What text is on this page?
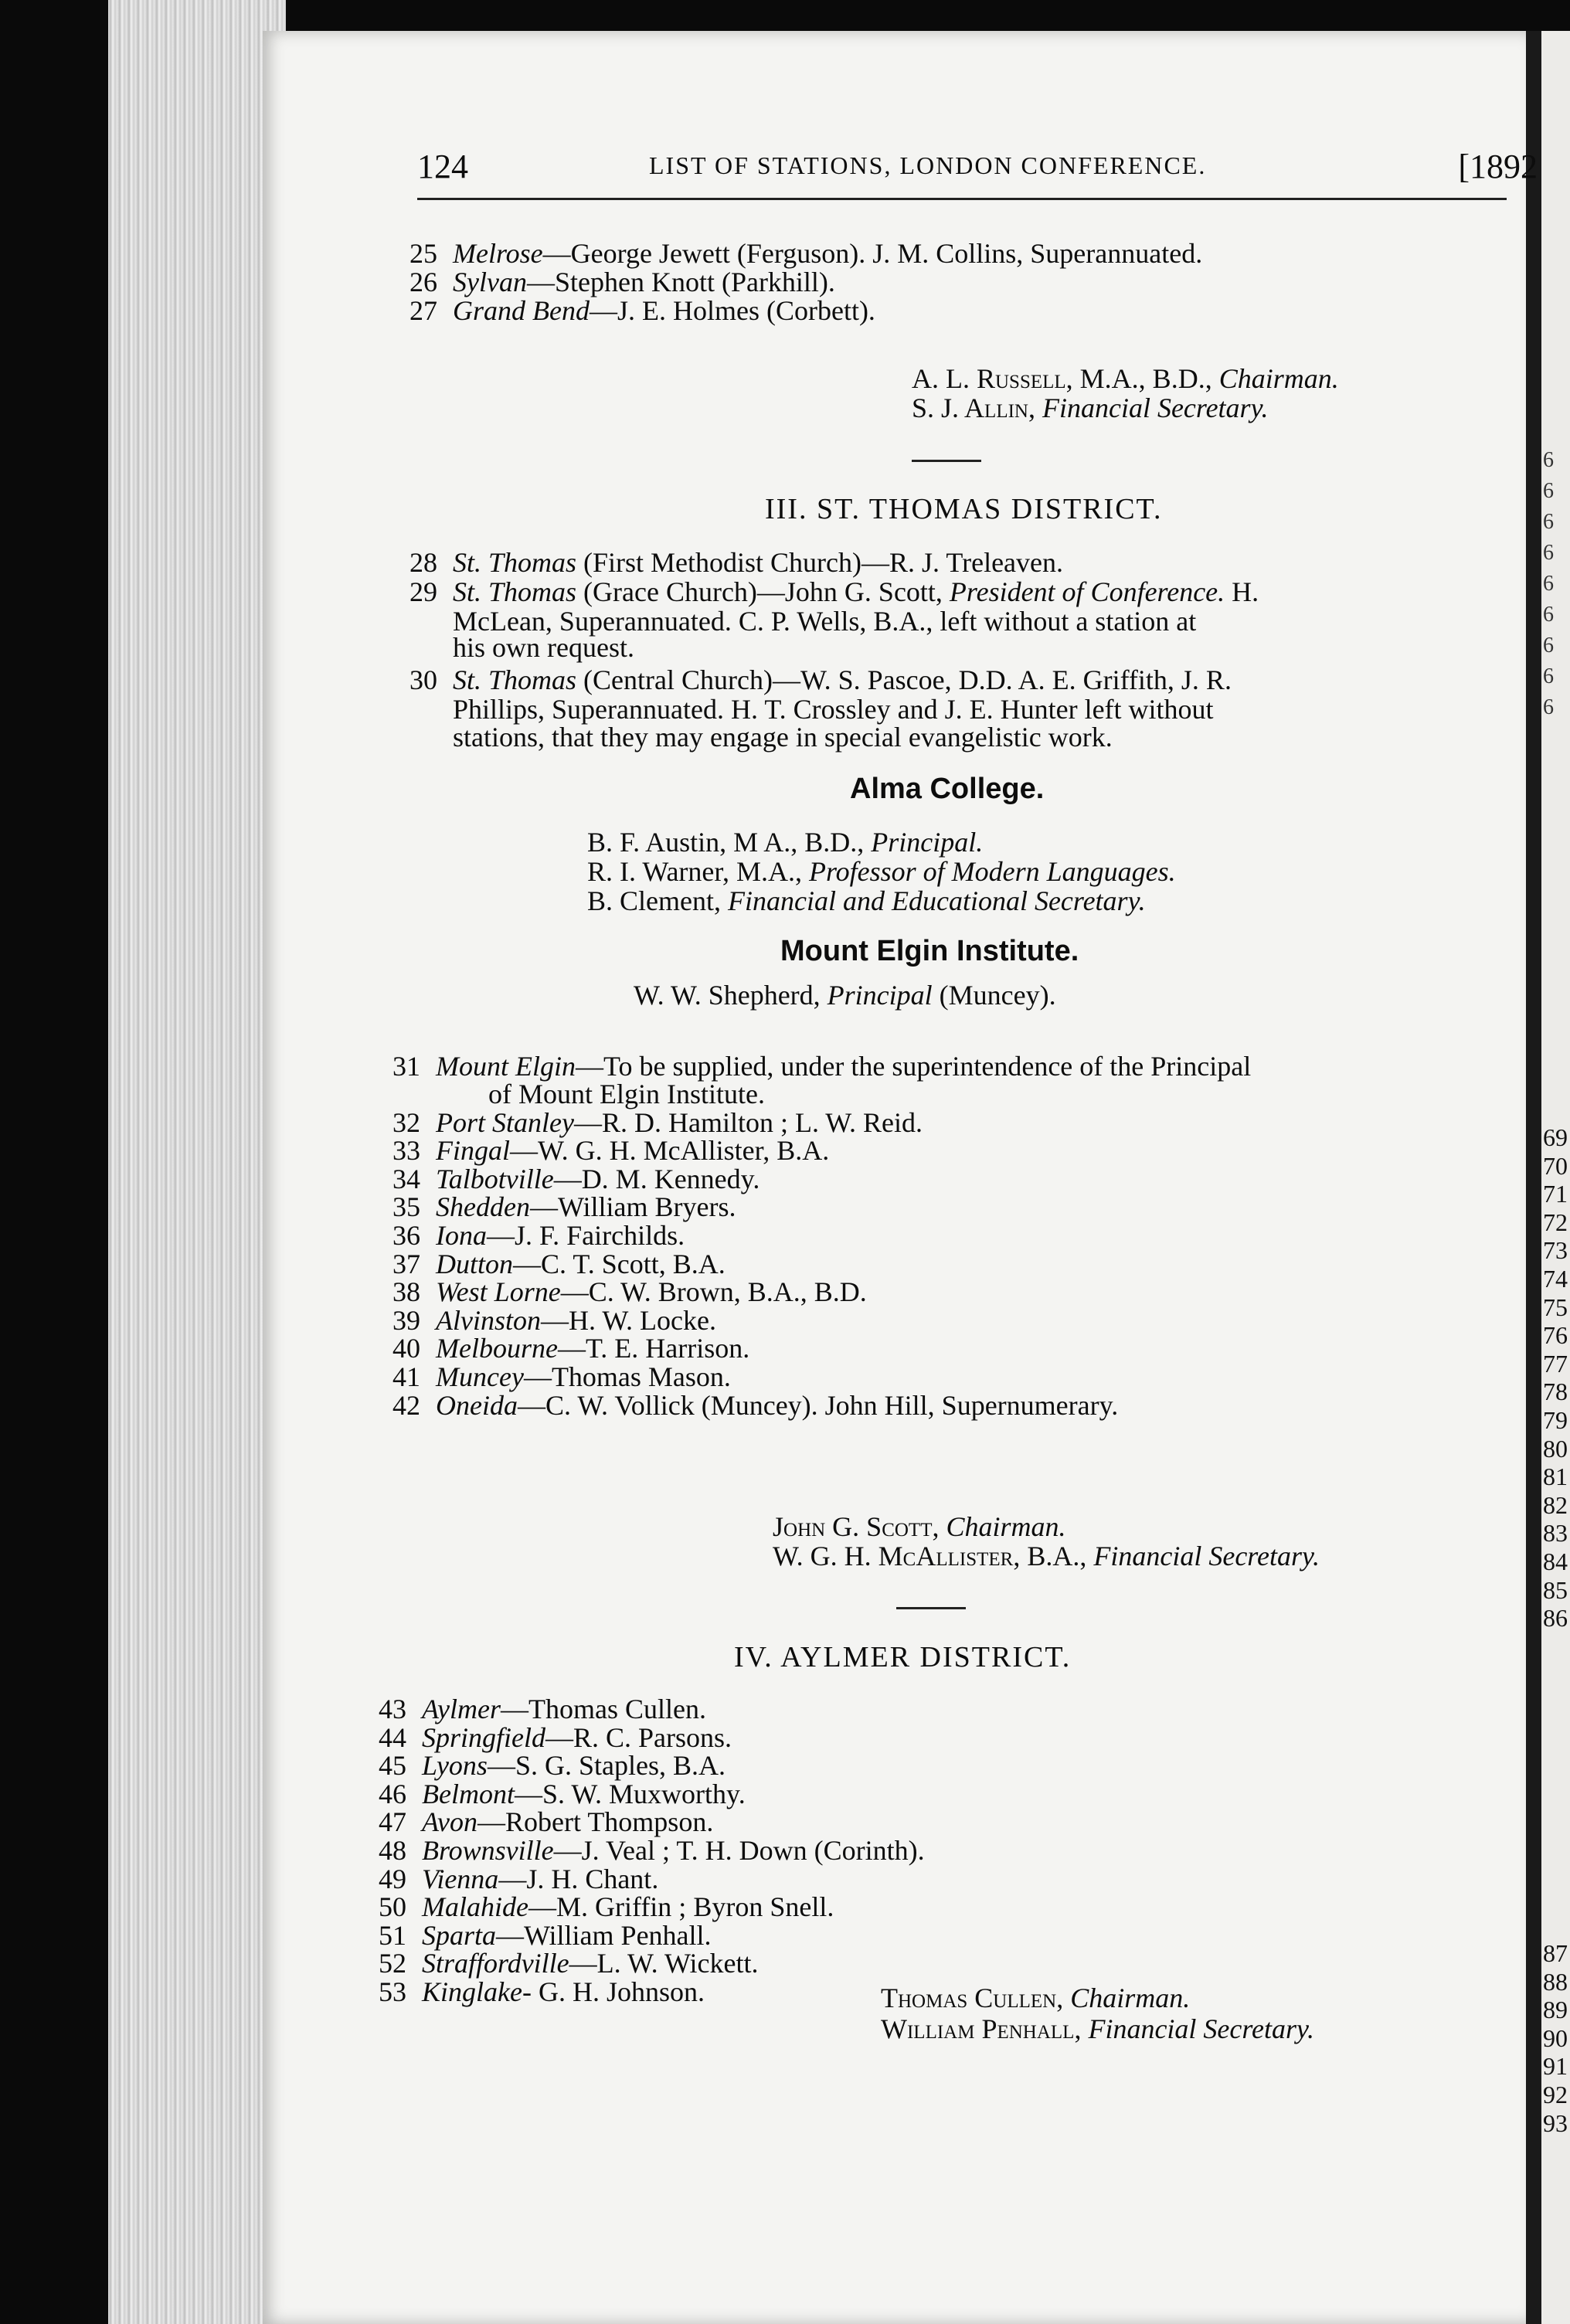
6
6
6
6
6
6
6
6
6
69
70
71
72
73
74
75
76
77
78
79
80
81
82
83
84
85
86
87
88
89
90
91
92
93
124	LIST OF STATIONS, LONDON CONFERENCE.	[1892
25 Melrose—George Jewett (Ferguson). J. M. Collins, Superannuated.
26 Sylvan—Stephen Knott (Parkhill).
27 Grand Bend—J. E. Holmes (Corbett).
A. L. Russell, M.A., B.D., Chairman.
S. J. Allin, Financial Secretary.
III. ST. THOMAS DISTRICT.
28 St. Thomas (First Methodist Church)—R. J. Treleaven.
29 St. Thomas (Grace Church)—John G. Scott, President of Conference. H.
McLean, Superannuated. C. P. Wells, B.A., left without a station at
his own request.
30 St. Thomas (Central Church)—W. S. Pascoe, D.D. A. E. Griffith, J. R.
Phillips, Superannuated. H. T. Crossley and J. E. Hunter left without
stations, that they may engage in special evangelistic work.
Alma College.
B. F. Austin, M A., B.D., Principal.
R. I. Warner, M.A., Professor of Modern Languages.
B. Clement, Financial and Educational Secretary.
Mount Elgin Institute.
W. W. Shepherd, Principal (Muncey).
31 Mount Elgin—To be supplied, under the superintendence of the Principal
of Mount Elgin Institute.
32 Port Stanley—R. D. Hamilton ; L. W. Reid.
33 Fingal—W. G. H. McAllister, B.A.
34 Talbotville—D. M. Kennedy.
35 Shedden—William Bryers.
36 Iona—J. F. Fairchilds.
37 Dutton—C. T. Scott, B.A.
38 West Lorne—C. W. Brown, B.A., B.D.
39 Alvinston—H. W. Locke.
40 Melbourne—T. E. Harrison.
41 Muncey—Thomas Mason.
42 Oneida—C. W. Vollick (Muncey). John Hill, Supernumerary.
John G. Scott, Chairman.
W. G. H. McAllister, B.A., Financial Secretary.
IV. AYLMER DISTRICT.
43 Aylmer—Thomas Cullen.
44 Springfield—R. C. Parsons.
45 Lyons—S. G. Staples, B.A.
46 Belmont—S. W. Muxworthy.
47 Avon—Robert Thompson.
48 Brownsville—J. Veal ; T. H. Down (Corinth).
49 Vienna—J. H. Chant.
50 Malahide—M. Griffin ; Byron Snell.
51 Sparta—William Penhall.
52 Straffordville—L. W. Wickett.
53 Kinglake- G. H. Johnson.	Thomas Cullen, Chairman.
William Penhall, Financial Secretary.
